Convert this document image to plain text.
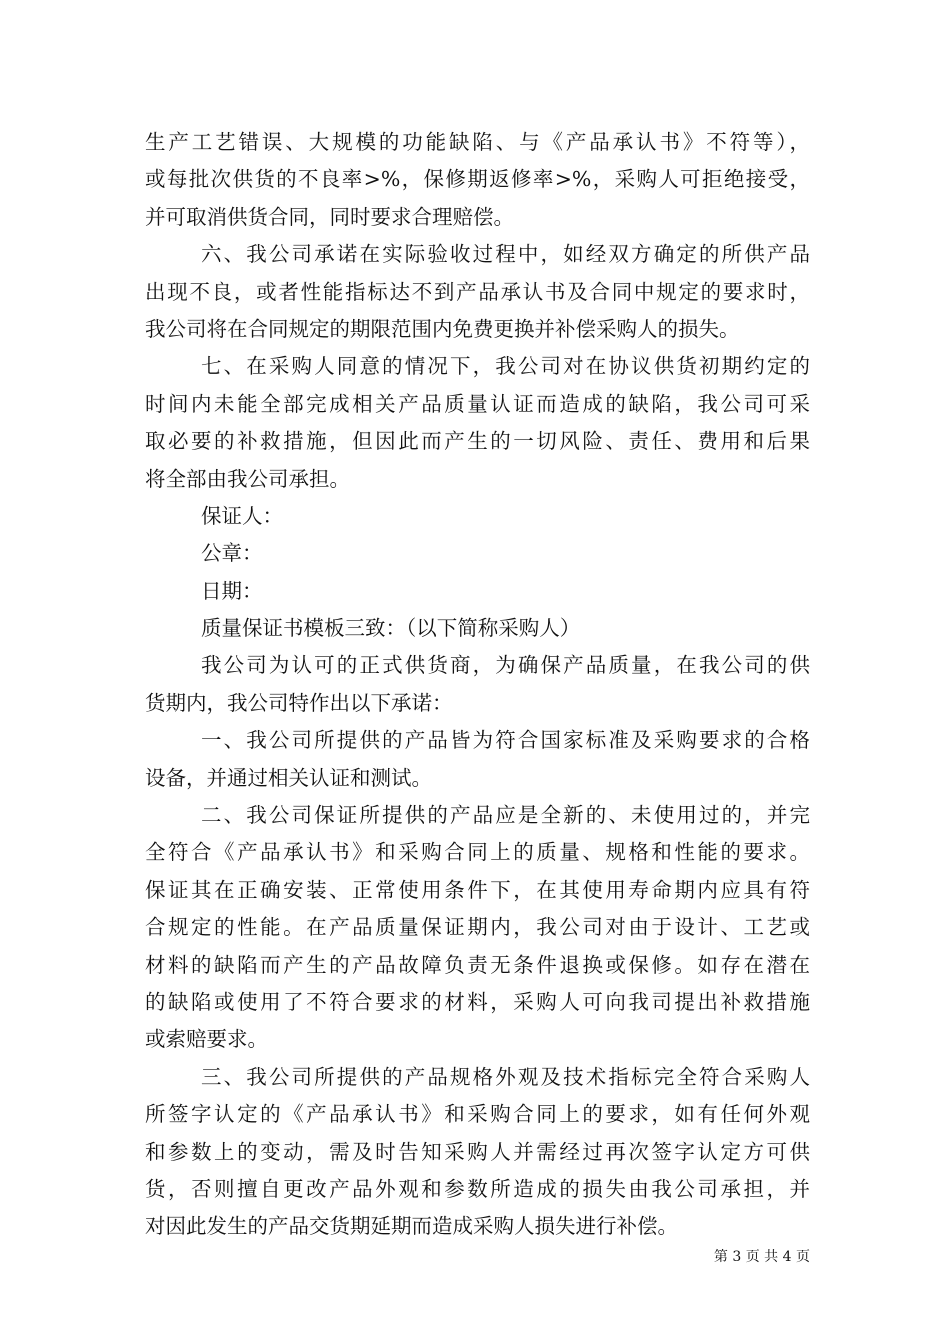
生产工艺错误、大规模的功能缺陷、与《产品承认书》不符等），
或每批次供货的不良率>%，保修期返修率>%，采购人可拒绝接受，
并可取消供货合同，同时要求合理赔偿。
六、我公司承诺在实际验收过程中，如经双方确定的所供产品
出现不良，或者性能指标达不到产品承认书及合同中规定的要求时，
我公司将在合同规定的期限范围内免费更换并补偿采购人的损失。
七、在采购人同意的情况下，我公司对在协议供货初期约定的
时间内未能全部完成相关产品质量认证而造成的缺陷，我公司可采
取必要的补救措施，但因此而产生的一切风险、责任、费用和后果
将全部由我公司承担。
保证人：
公章：
日期：
质量保证书模板三致：（以下简称采购人）
我公司为认可的正式供货商，为确保产品质量，在我公司的供
货期内，我公司特作出以下承诺：
一、我公司所提供的产品皆为符合国家标准及采购要求的合格
设备，并通过相关认证和测试。
二、我公司保证所提供的产品应是全新的、未使用过的，并完
全符合《产品承认书》和采购合同上的质量、规格和性能的要求。
保证其在正确安装、正常使用条件下，在其使用寿命期内应具有符
合规定的性能。在产品质量保证期内，我公司对由于设计、工艺或
材料的缺陷而产生的产品故障负责无条件退换或保修。如存在潜在
的缺陷或使用了不符合要求的材料，采购人可向我司提出补救措施
或索赔要求。
三、我公司所提供的产品规格外观及技术指标完全符合采购人
所签字认定的《产品承认书》和采购合同上的要求，如有任何外观
和参数上的变动，需及时告知采购人并需经过再次签字认定方可供
货，否则擅自更改产品外观和参数所造成的损失由我公司承担，并
对因此发生的产品交货期延期而造成采购人损失进行补偿。
第 3 页 共 4 页
